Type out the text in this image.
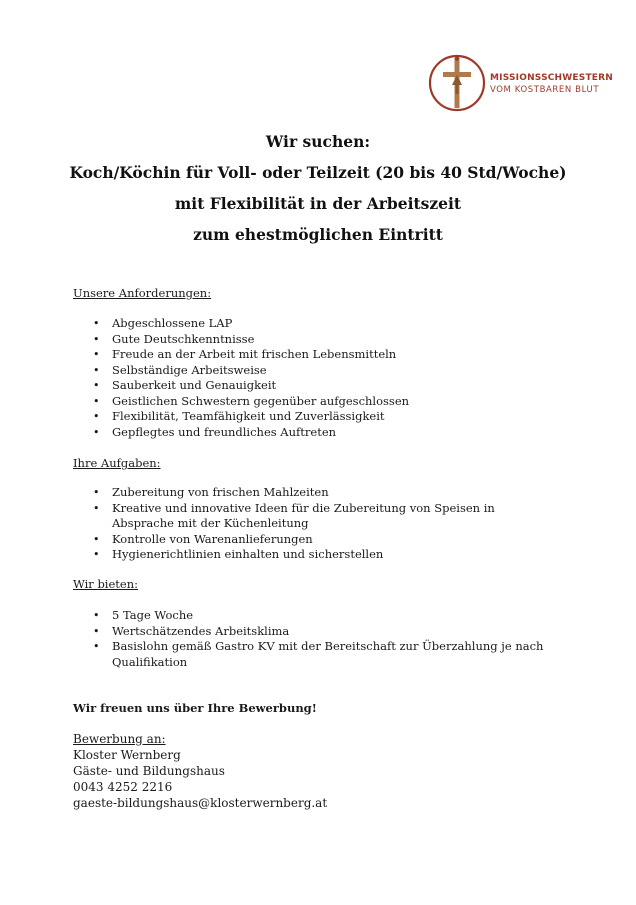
MISSIONSSCHWESTERN
VOM KOSTBAREN BLUT
Wir suchen:
Koch/Köchin für Voll- oder Teilzeit (20 bis 40 Std/Woche)
mit Flexibilität in der Arbeitszeit
zum ehestmöglichen Eintritt
Unsere Anforderungen:
• Abgeschlossene LAP
• Gute Deutschkenntnisse
• Freude an der Arbeit mit frischen Lebensmitteln
• Selbständige Arbeitsweise
• Sauberkeit und Genauigkeit
• Geistlichen Schwestern gegenüber aufgeschlossen
• Flexibilität, Teamfähigkeit und Zuverlässigkeit
• Gepflegtes und freundliches Auftreten
Ihre Aufgaben:
• Zubereitung von frischen Mahlzeiten
• Kreative und innovative Ideen für die Zubereitung von Speisen in Absprache mit der Küchenleitung
• Kontrolle von Warenanlieferungen
• Hygienerichtlinien einhalten und sicherstellen
Wir bieten:
• 5 Tage Woche
• Wertschätzendes Arbeitsklima
• Basislohn gemäß Gastro KV mit der Bereitschaft zur Überzahlung je nach Qualifikation
Wir freuen uns über Ihre Bewerbung!
Bewerbung an:
Kloster Wernberg
Gäste- und Bildungshaus
0043 4252 2216
gaeste-bildungshaus@klosterwernberg.at
